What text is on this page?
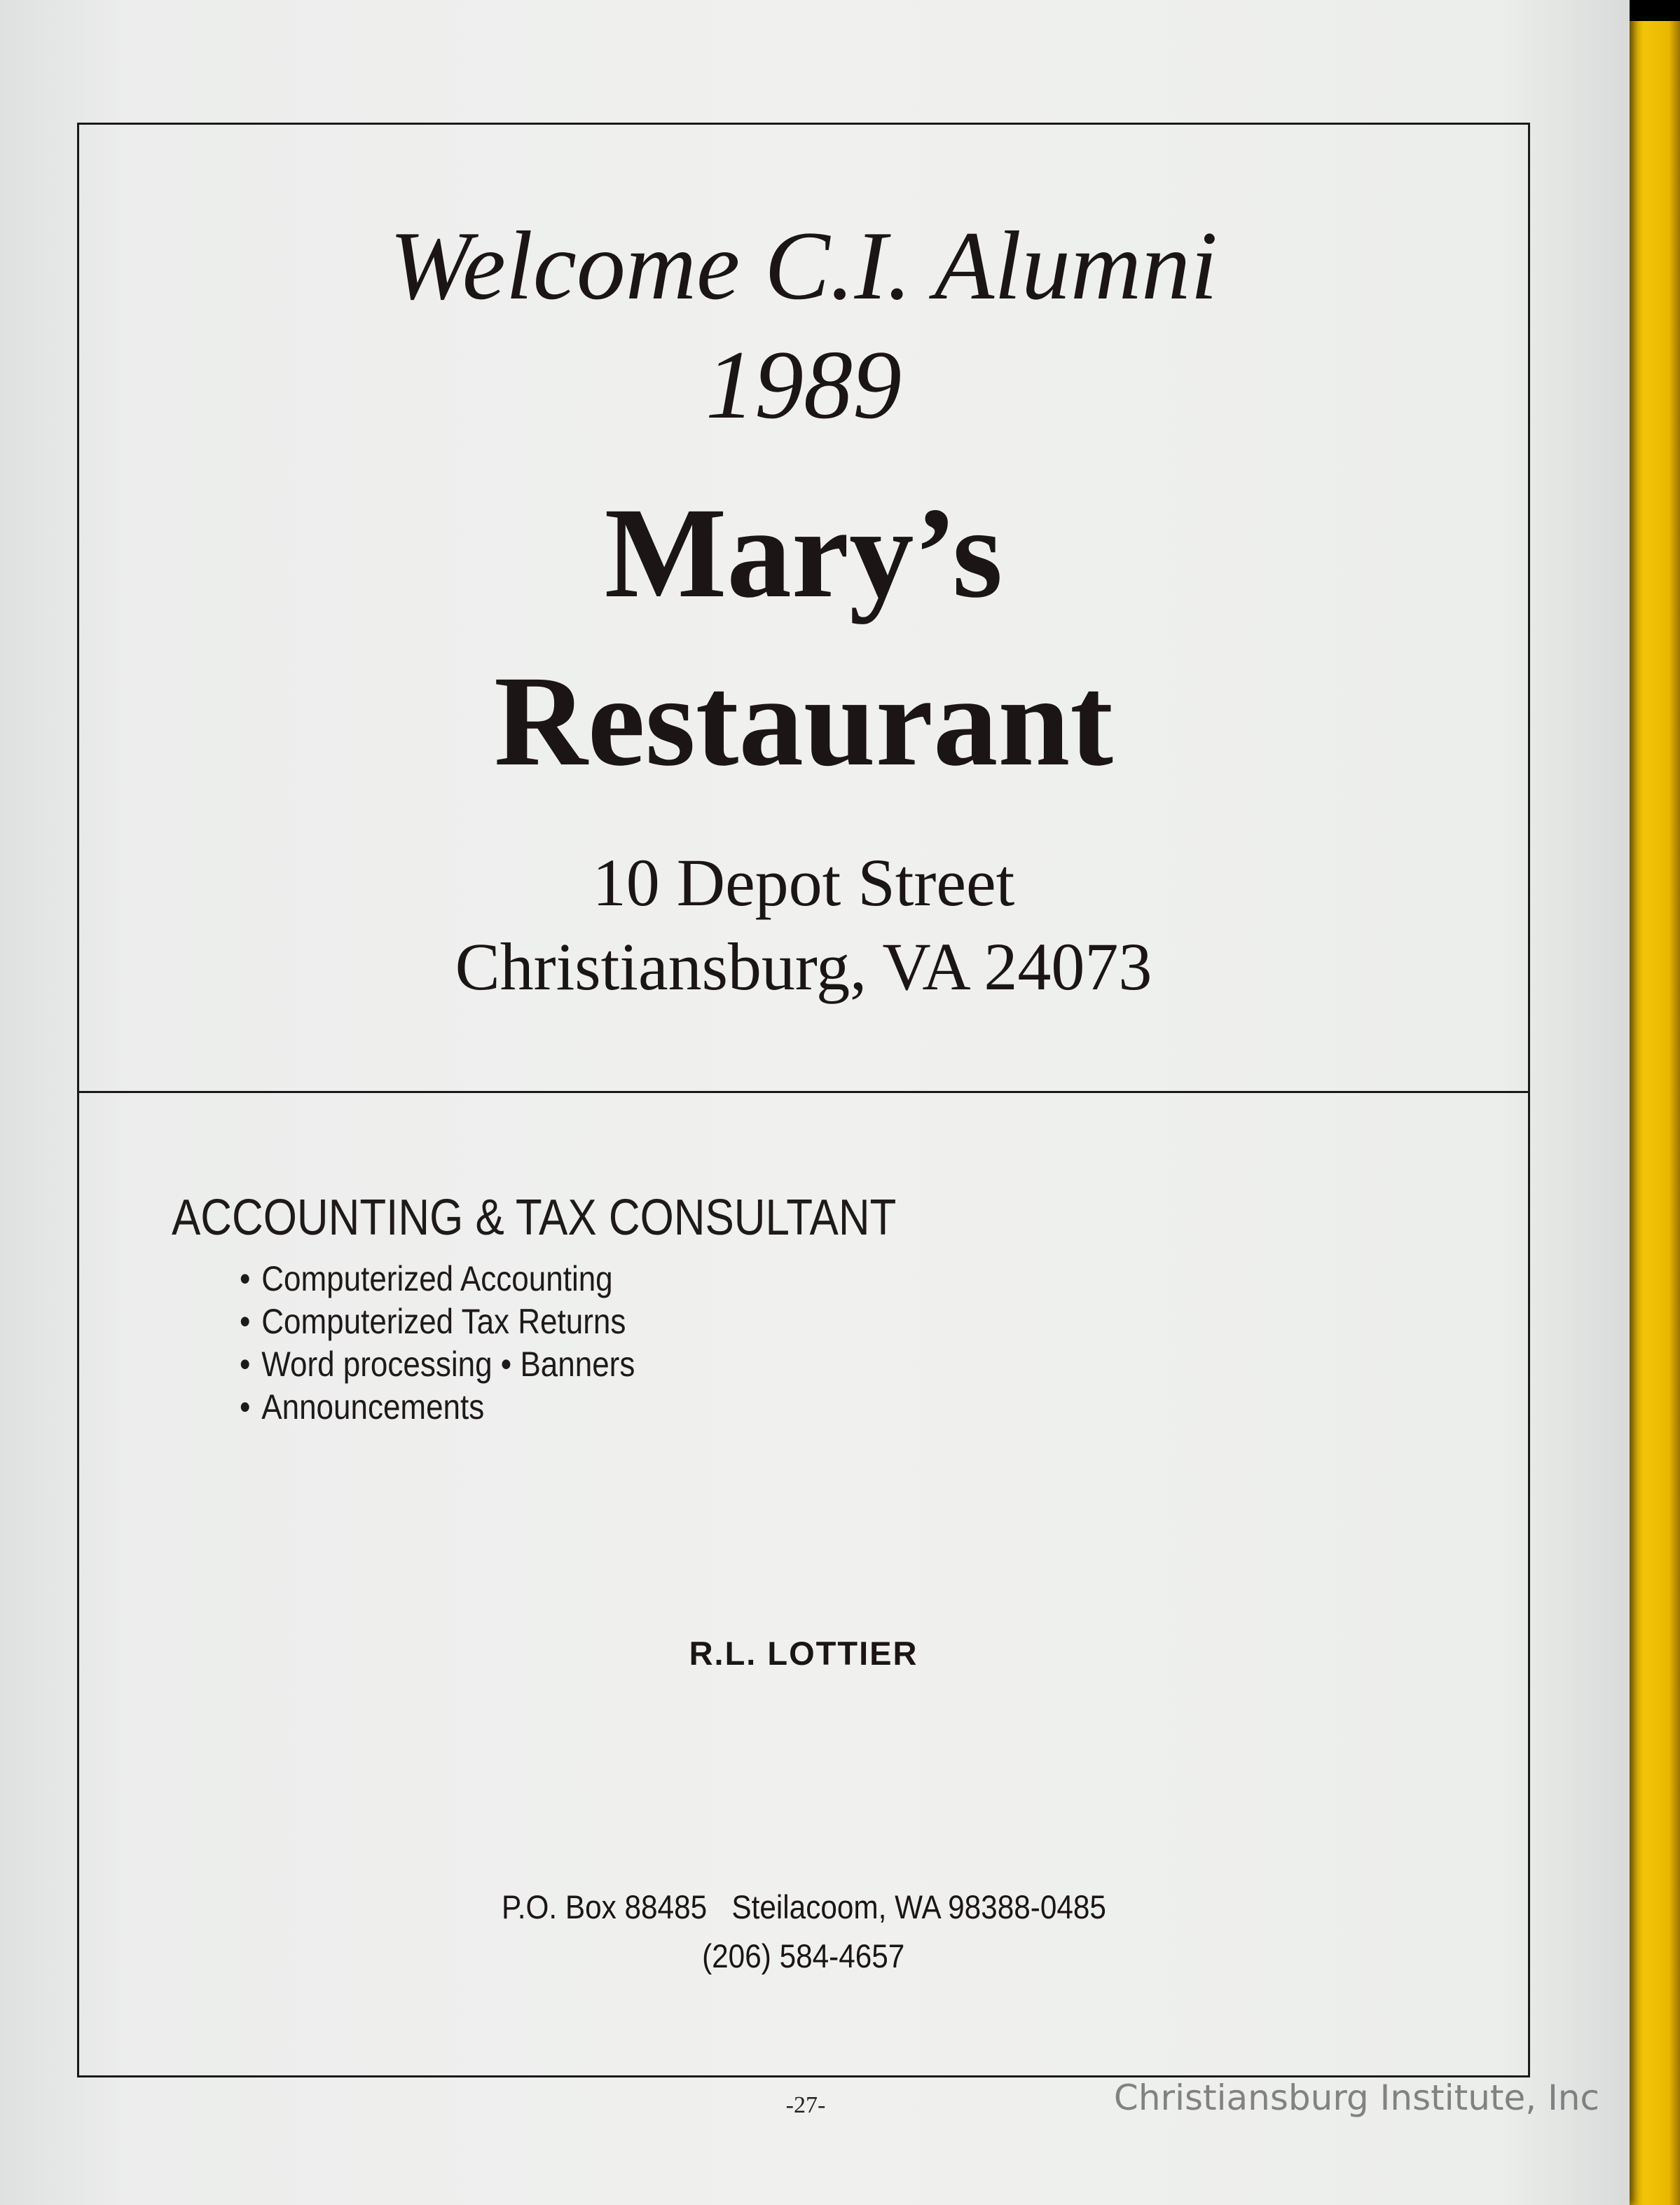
Welcome C.I. Alumni
1989
Mary’s
Restaurant
10 Depot Street
Christiansburg, VA 24073
ACCOUNTING & TAX CONSULTANT
• Computerized Accounting
• Computerized Tax Returns
• Word processing • Banners
• Announcements
R.L. LOTTIER
P.O. Box 88485   Steilacoom, WA 98388-0485
(206) 584-4657
-27-	Christiansburg Institute, Inc
